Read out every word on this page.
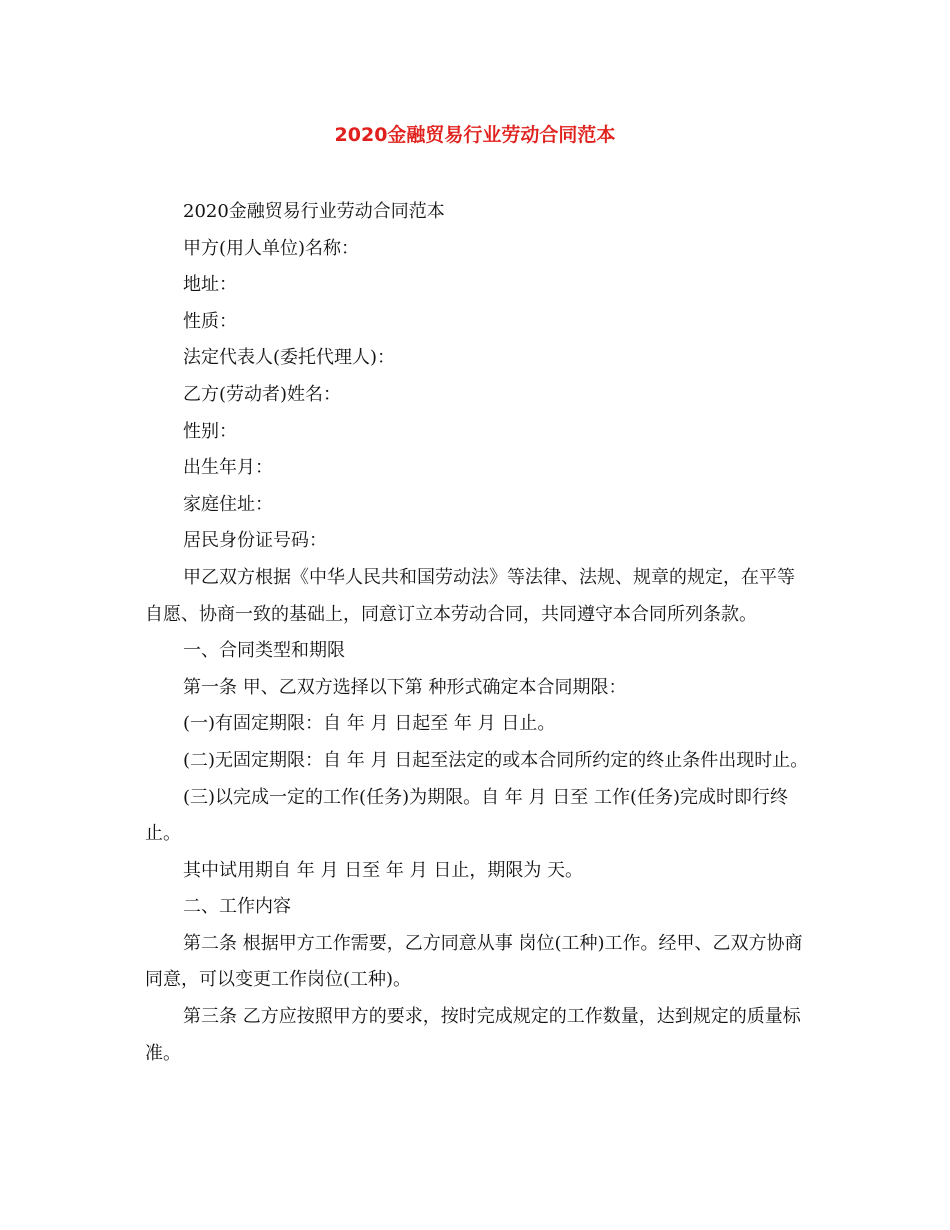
2020金融贸易行业劳动合同范本

2020金融贸易行业劳动合同范本

甲方(用人单位)名称：

地址：

性质：

法定代表人(委托代理人)：

乙方(劳动者)姓名：

性别：

出生年月：

家庭住址：

居民身份证号码：

甲乙双方根据《中华人民共和国劳动法》等法律、法规、规章的规定，在平等自愿、协商一致的基础上，同意订立本劳动合同，共同遵守本合同所列条款。

一、合同类型和期限

第一条 甲、乙双方选择以下第 种形式确定本合同期限：

(一)有固定期限：自 年 月 日起至 年 月 日止。

(二)无固定期限：自 年 月 日起至法定的或本合同所约定的终止条件出现时止。

(三)以完成一定的工作(任务)为期限。自 年 月 日至 工作(任务)完成时即行终止。

其中试用期自 年 月 日至 年 月 日止，期限为 天。

二、工作内容

第二条 根据甲方工作需要，乙方同意从事 岗位(工种)工作。经甲、乙双方协商同意，可以变更工作岗位(工种)。

第三条 乙方应按照甲方的要求，按时完成规定的工作数量，达到规定的质量标准。
